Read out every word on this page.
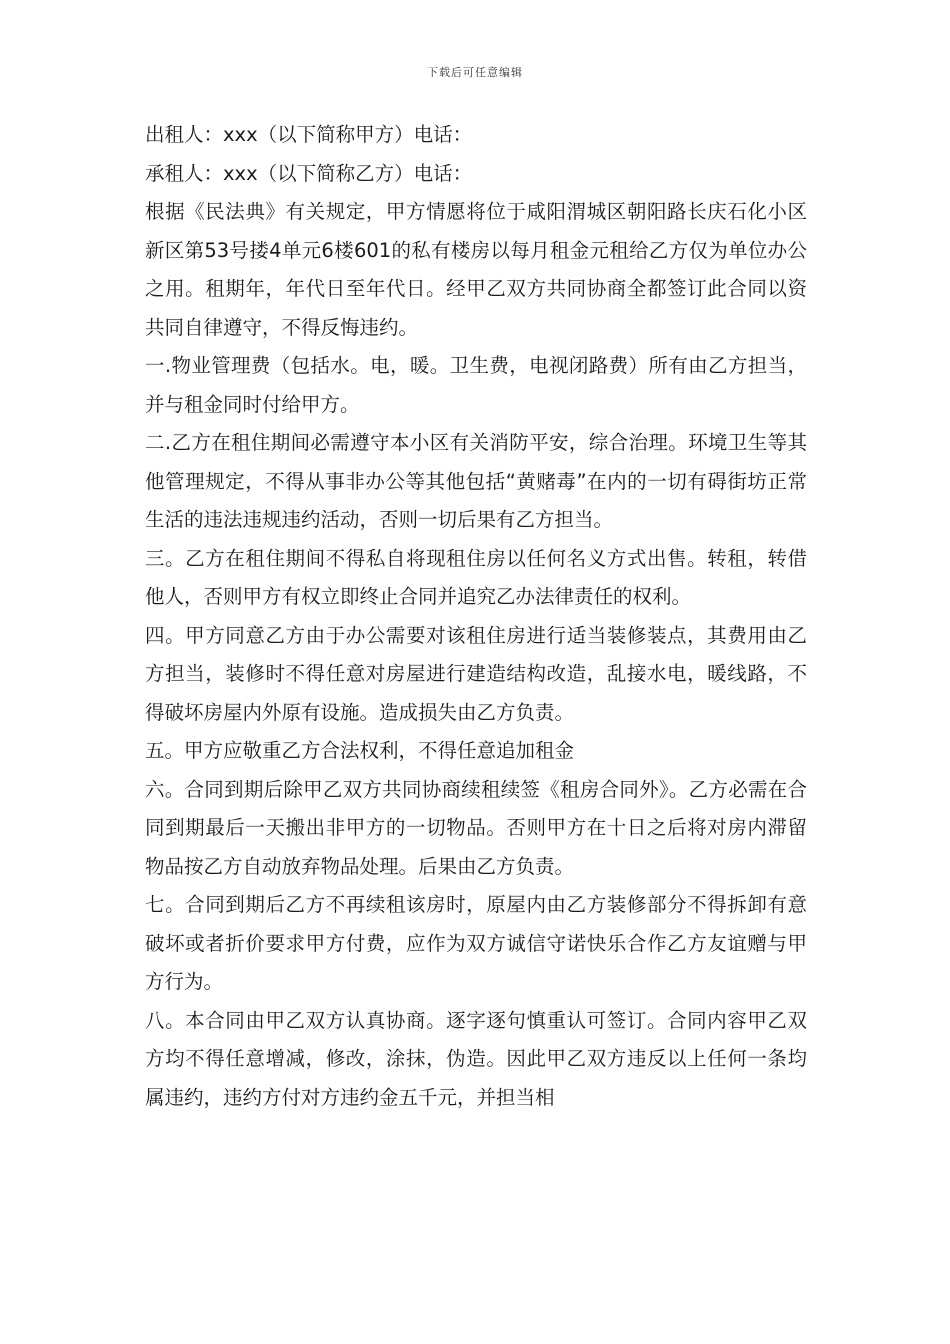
下载后可任意编辑

出租人：xxx（以下简称甲方）电话：

承租人：xxx（以下简称乙方）电话：

根据《民法典》有关规定，甲方情愿将位于咸阳渭城区朝阳路长庆石化小区新区第53号搂4单元6楼601的私有楼房以每月租金元租给乙方仅为单位办公之用。租期年，年代日至年代日。经甲乙双方共同协商全都签订此合同以资共同自律遵守，不得反悔违约。

一.物业管理费（包括水。电，暖。卫生费，电视闭路费）所有由乙方担当，并与租金同时付给甲方。

二.乙方在租住期间必需遵守本小区有关消防平安，综合治理。环境卫生等其他管理规定，不得从事非办公等其他包括“黄赌毒”在内的一切有碍街坊正常生活的违法违规违约活动，否则一切后果有乙方担当。

三。乙方在租住期间不得私自将现租住房以任何名义方式出售。转租，转借他人，否则甲方有权立即终止合同并追究乙办法律责任的权利。

四。甲方同意乙方由于办公需要对该租住房进行适当装修装点，其费用由乙方担当，装修时不得任意对房屋进行建造结构改造，乱接水电，暖线路，不得破坏房屋内外原有设施。造成损失由乙方负责。

五。甲方应敬重乙方合法权利，不得任意追加租金

六。合同到期后除甲乙双方共同协商续租续签《租房合同外》。乙方必需在合同到期最后一天搬出非甲方的一切物品。否则甲方在十日之后将对房内滞留物品按乙方自动放弃物品处理。后果由乙方负责。

七。合同到期后乙方不再续租该房时，原屋内由乙方装修部分不得拆卸有意破坏或者折价要求甲方付费，应作为双方诚信守诺快乐合作乙方友谊赠与甲方行为。

八。本合同由甲乙双方认真协商。逐字逐句慎重认可签订。合同内容甲乙双方均不得任意增减，修改，涂抹，伪造。因此甲乙双方违反以上任何一条均属违约，违约方付对方违约金五千元，并担当相
